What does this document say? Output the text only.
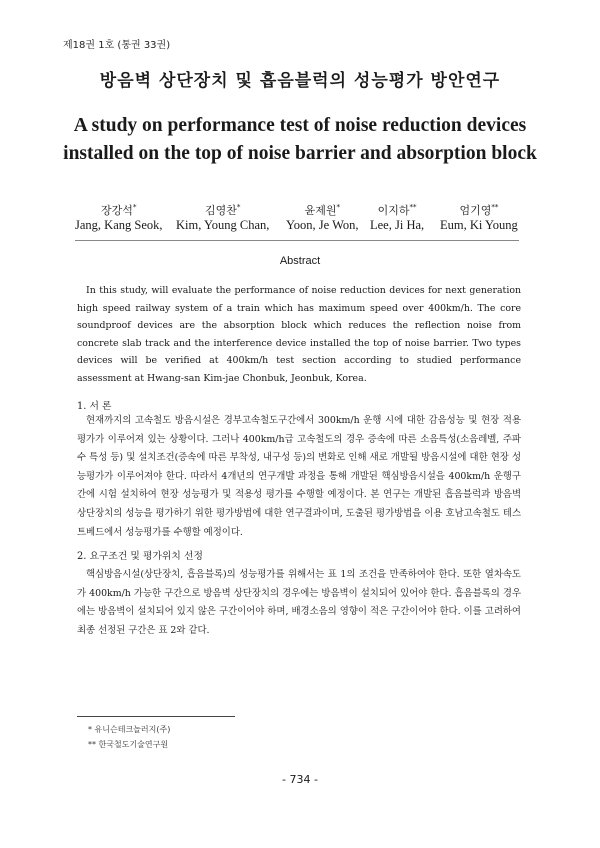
제18권 1호 (통권 33권)
방음벽 상단장치 및 흡음블럭의 성능평가 방안연구
A study on performance test of noise reduction devices
installed on the top of noise barrier and absorption block
장강석*
Jang, Kang Seok,
김영찬*
Kim, Young Chan,
윤제원*
Yoon, Je Won,
이지하**
Lee, Ji Ha,
엄기영**
Eum, Ki Young
Abstract
In this study, will evaluate the performance of noise reduction devices for next generation high speed railway system of a train which has maximum speed over 400km/h. The core soundproof devices are the absorption block which reduces the reflection noise from concrete slab track and the interference device installed the top of noise barrier. Two types devices will be verified at 400km/h test section according to studied performance assessment at Hwang-san Kim-jae Chonbuk, Jeonbuk, Korea.
1. 서 론
현재까지의 고속철도 방음시설은 경부고속철도구간에서 300km/h 운행 시에 대한 감음성능 및 현장 적용평가가 이루어져 있는 상황이다. 그러나 400km/h급 고속철도의 경우 증속에 따른 소음특성(소음레벨, 주파수 특성 등) 및 설치조건(증속에 따른 부착성, 내구성 등)의 변화로 인해 새로 개발될 방음시설에 대한 현장 성능평가가 이루어져야 한다. 따라서 4개년의 연구개발 과정을 통해 개발된 핵심방음시설을 400km/h 운행구간에 시험 설치하여 현장 성능평가 및 적용성 평가를 수행할 예정이다. 본 연구는 개발된 흡음블럭과 방음벽 상단장치의 성능을 평가하기 위한 평가방법에 대한 연구결과이며, 도출된 평가방법을 이용 호남고속철도 테스트베드에서 성능평가를 수행할 예정이다.
2. 요구조건 및 평가위치 선정
핵심방음시설(상단장치, 흡음블록)의 성능평가를 위해서는 표 1의 조건을 만족하여야 한다. 또한 열차속도가 400km/h 가능한 구간으로 방음벽 상단장치의 경우에는 방음벽이 설치되어 있어야 한다. 흡음블록의 경우에는 방음벽이 설치되어 있지 않은 구간이어야 하며, 배경소음의 영향이 적은 구간이어야 한다. 이를 고려하여 최종 선정된 구간은 표 2와 같다.
* 유니슨테크놀러지(주)
** 한국철도기술연구원
- 734 -
